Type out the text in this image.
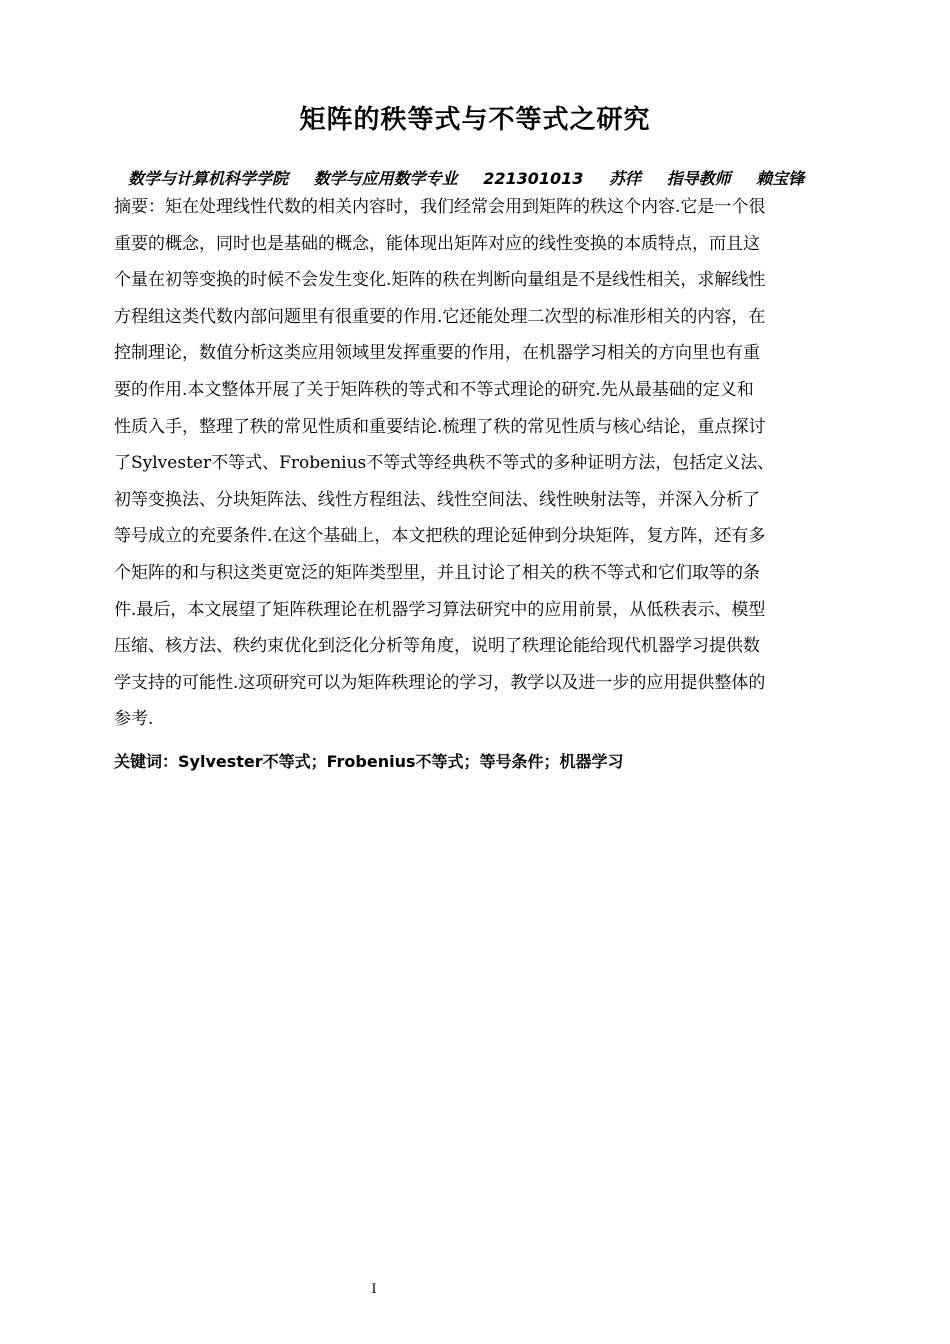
矩阵的秩等式与不等式之研究
数学与计算机科学学院 数学与应用数学专业 221301013 苏徉 指导教师 赖宝锋
摘要：矩在处理线性代数的相关内容时，我们经常会用到矩阵的秩这个内容.它是一个很
重要的概念，同时也是基础的概念，能体现出矩阵对应的线性变换的本质特点，而且这
个量在初等变换的时候不会发生变化.矩阵的秩在判断向量组是不是线性相关，求解线性
方程组这类代数内部问题里有很重要的作用.它还能处理二次型的标准形相关的内容，在
控制理论，数值分析这类应用领域里发挥重要的作用，在机器学习相关的方向里也有重
要的作用.本文整体开展了关于矩阵秩的等式和不等式理论的研究.先从最基础的定义和
性质入手，整理了秩的常见性质和重要结论.梳理了秩的常见性质与核心结论，重点探讨
了Sylvester不等式、Frobenius不等式等经典秩不等式的多种证明方法，包括定义法、
初等变换法、分块矩阵法、线性方程组法、线性空间法、线性映射法等，并深入分析了
等号成立的充要条件.在这个基础上，本文把秩的理论延伸到分块矩阵，复方阵，还有多
个矩阵的和与积这类更宽泛的矩阵类型里，并且讨论了相关的秩不等式和它们取等的条
件.最后，本文展望了矩阵秩理论在机器学习算法研究中的应用前景，从低秩表示、模型
压缩、核方法、秩约束优化到泛化分析等角度，说明了秩理论能给现代机器学习提供数
学支持的可能性.这项研究可以为矩阵秩理论的学习，教学以及进一步的应用提供整体的
参考.
关键词：Sylvester不等式；Frobenius不等式；等号条件；机器学习
I
